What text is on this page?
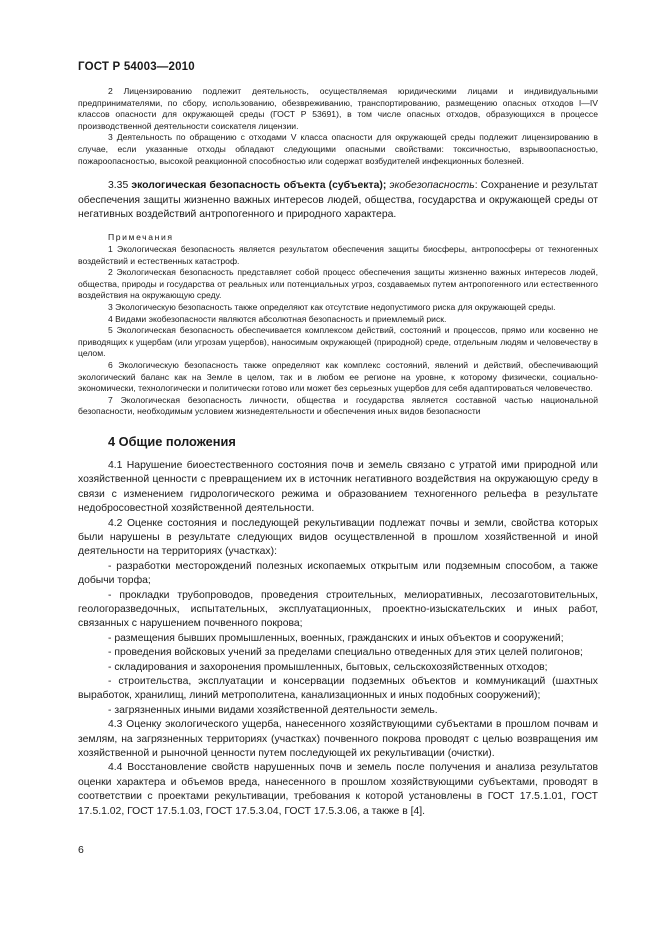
ГОСТ Р 54003—2010

2 Лицензированию подлежит деятельность, осуществляемая юридическими лицами и индивидуальными предпринимателями, по сбору, использованию, обезвреживанию, транспортированию, размещению опасных отходов I—IV классов опасности для окружающей среды (ГОСТ Р 53691), в том числе опасных отходов, образующихся в процессе производственной деятельности соискателя лицензии.

3 Деятельность по обращению с отходами V класса опасности для окружающей среды подлежит лицензированию в случае, если указанные отходы обладают следующими опасными свойствами: токсичностью, взрывоопасностью, пожароопасностью, высокой реакционной способностью или содержат возбудителей инфекционных болезней.

3.35 экологическая безопасность объекта (субъекта); экобезопасность: Сохранение и результат обеспечения защиты жизненно важных интересов людей, общества, государства и окружающей среды от негативных воздействий антропогенного и природного характера.

Примечания

1 Экологическая безопасность является результатом обеспечения защиты биосферы, антропосферы от техногенных воздействий и естественных катастроф.

2 Экологическая безопасность представляет собой процесс обеспечения защиты жизненно важных интересов людей, общества, природы и государства от реальных или потенциальных угроз, создаваемых путем антропогенного или естественного воздействия на окружающую среду.

3 Экологическую безопасность также определяют как отсутствие недопустимого риска для окружающей среды.

4 Видами экобезопасности являются абсолютная безопасность и приемлемый риск.

5 Экологическая безопасность обеспечивается комплексом действий, состояний и процессов, прямо или косвенно не приводящих к ущербам (или угрозам ущербов), наносимым окружающей (природной) среде, отдельным людям и человечеству в целом.

6 Экологическую безопасность также определяют как комплекс состояний, явлений и действий, обеспечивающий экологический баланс как на Земле в целом, так и в любом ее регионе на уровне, к которому физически, социально-экономически, технологически и политически готово или может без серьезных ущербов для себя адаптироваться человечество.

7 Экологическая безопасность личности, общества и государства является составной частью национальной безопасности, необходимым условием жизнедеятельности и обеспечения иных видов безопасности

4 Общие положения

4.1 Нарушение биоестественного состояния почв и земель связано с утратой ими природной или хозяйственной ценности с превращением их в источник негативного воздействия на окружающую среду в связи с изменением гидрологического режима и образованием техногенного рельефа в результате недобросовестной хозяйственной деятельности.

4.2 Оценке состояния и последующей рекультивации подлежат почвы и земли, свойства которых были нарушены в результате следующих видов осуществленной в прошлом хозяйственной и иной деятельности на территориях (участках):

- разработки месторождений полезных ископаемых открытым или подземным способом, а также добычи торфа;

- прокладки трубопроводов, проведения строительных, мелиоративных, лесозаготовительных, геологоразведочных, испытательных, эксплуатационных, проектно-изыскательских и иных работ, связанных с нарушением почвенного покрова;

- размещения бывших промышленных, военных, гражданских и иных объектов и сооружений;

- проведения войсковых учений за пределами специально отведенных для этих целей полигонов;

- складирования и захоронения промышленных, бытовых, сельскохозяйственных отходов;

- строительства, эксплуатации и консервации подземных объектов и коммуникаций (шахтных выработок, хранилищ, линий метрополитена, канализационных и иных подобных сооружений);

- загрязненных иными видами хозяйственной деятельности земель.

4.3 Оценку экологического ущерба, нанесенного хозяйствующими субъектами в прошлом почвам и землям, на загрязненных территориях (участках) почвенного покрова проводят с целью возвращения им хозяйственной и рыночной ценности путем последующей их рекультивации (очистки).

4.4 Восстановление свойств нарушенных почв и земель после получения и анализа результатов оценки характера и объемов вреда, нанесенного в прошлом хозяйствующими субъектами, проводят в соответствии с проектами рекультивации, требования к которой установлены в ГОСТ 17.5.1.01, ГОСТ 17.5.1.02, ГОСТ 17.5.1.03, ГОСТ 17.5.3.04, ГОСТ 17.5.3.06, а также в [4].

6
